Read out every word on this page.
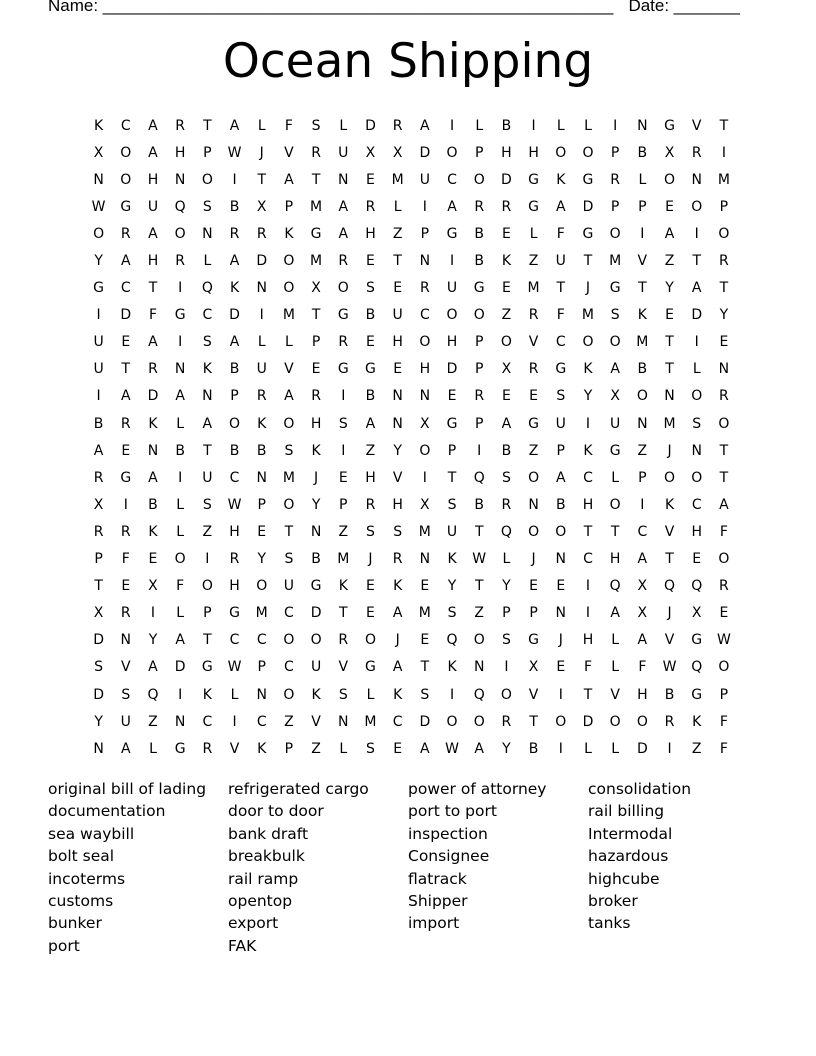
Name: ______________________________________________________ Date: _______
Ocean Shipping
K	C	A	R	T	A	L	F	S	L	D	R	A	I	L	B	I	L	L	I	N	G	V	T
X	O	A	H	P	W	J	V	R	U	X	X	D	O	P	H	H	O	O	P	B	X	R	I
N	O	H	N	O	I	T	A	T	N	E	M	U	C	O	D	G	K	G	R	L	O	N	M
W	G	U	Q	S	B	X	P	M	A	R	L	I	A	R	R	G	A	D	P	P	E	O	P
O	R	A	O	N	R	R	K	G	A	H	Z	P	G	B	E	L	F	G	O	I	A	I	O
Y	A	H	R	L	A	D	O	M	R	E	T	N	I	B	K	Z	U	T	M	V	Z	T	R
G	C	T	I	Q	K	N	O	X	O	S	E	R	U	G	E	M	T	J	G	T	Y	A	T
I	D	F	G	C	D	I	M	T	G	B	U	C	O	O	Z	R	F	M	S	K	E	D	Y
U	E	A	I	S	A	L	L	P	R	E	H	O	H	P	O	V	C	O	O	M	T	I	E
U	T	R	N	K	B	U	V	E	G	G	E	H	D	P	X	R	G	K	A	B	T	L	N
I	A	D	A	N	P	R	A	R	I	B	N	N	E	R	E	E	S	Y	X	O	N	O	R
B	R	K	L	A	O	K	O	H	S	A	N	X	G	P	A	G	U	I	U	N	M	S	O
A	E	N	B	T	B	B	S	K	I	Z	Y	O	P	I	B	Z	P	K	G	Z	J	N	T
R	G	A	I	U	C	N	M	J	E	H	V	I	T	Q	S	O	A	C	L	P	O	O	T
X	I	B	L	S	W	P	O	Y	P	R	H	X	S	B	R	N	B	H	O	I	K	C	A
R	R	K	L	Z	H	E	T	N	Z	S	S	M	U	T	Q	O	O	T	T	C	V	H	F
P	F	E	O	I	R	Y	S	B	M	J	R	N	K	W	L	J	N	C	H	A	T	E	O
T	E	X	F	O	H	O	U	G	K	E	K	E	Y	T	Y	E	E	I	Q	X	Q	Q	R
X	R	I	L	P	G	M	C	D	T	E	A	M	S	Z	P	P	N	I	A	X	J	X	E
D	N	Y	A	T	C	C	O	O	R	O	J	E	Q	O	S	G	J	H	L	A	V	G	W
S	V	A	D	G	W	P	C	U	V	G	A	T	K	N	I	X	E	F	L	F	W	Q	O
D	S	Q	I	K	L	N	O	K	S	L	K	S	I	Q	O	V	I	T	V	H	B	G	P
Y	U	Z	N	C	I	C	Z	V	N	M	C	D	O	O	R	T	O	D	O	O	R	K	F
N	A	L	G	R	V	K	P	Z	L	S	E	A	W	A	Y	B	I	L	L	D	I	Z	F
original bill of lading	refrigerated cargo	power of attorney	consolidation
documentation	door to door	port to port	rail billing
sea waybill	bank draft	inspection	Intermodal
bolt seal	breakbulk	Consignee	hazardous
incoterms	rail ramp	flatrack	highcube
customs	opentop	Shipper	broker
bunker	export	import	tanks
port	FAK
